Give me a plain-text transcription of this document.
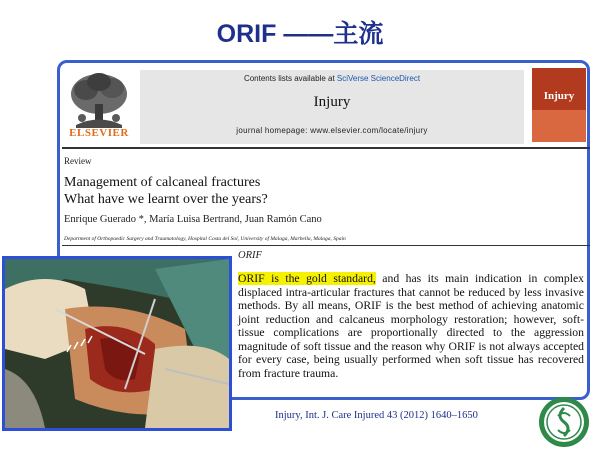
ORIF ——主流
ELSEVIER
Contents lists available at SciVerse ScienceDirect
Injury
journal homepage: www.elsevier.com/locate/injury
Injury
Review
Management of calcaneal fractures
What have we learnt over the years?
Enrique Guerado *, María Luisa Bertrand, Juan Ramón Cano
Department of Orthopaedic Surgery and Traumatology, Hospital Costa del Sol, University of Malaga, Marbella, Malaga, Spain
ORIF
ORIF is the gold standard, and has its main indication in complex displaced intra-articular fractures that cannot be reduced by less invasive methods. By all means, ORIF is the best method of achieving anatomic joint reduction and calcaneus morphology restoration; however, soft-tissue complications are proportionally directed to the aggression magnitude of soft tissue and the reason why ORIF is not always accepted for every case, being usually performed when soft tissue has recovered from fracture trauma.
Injury, Int. J. Care Injured 43 (2012) 1640–1650
